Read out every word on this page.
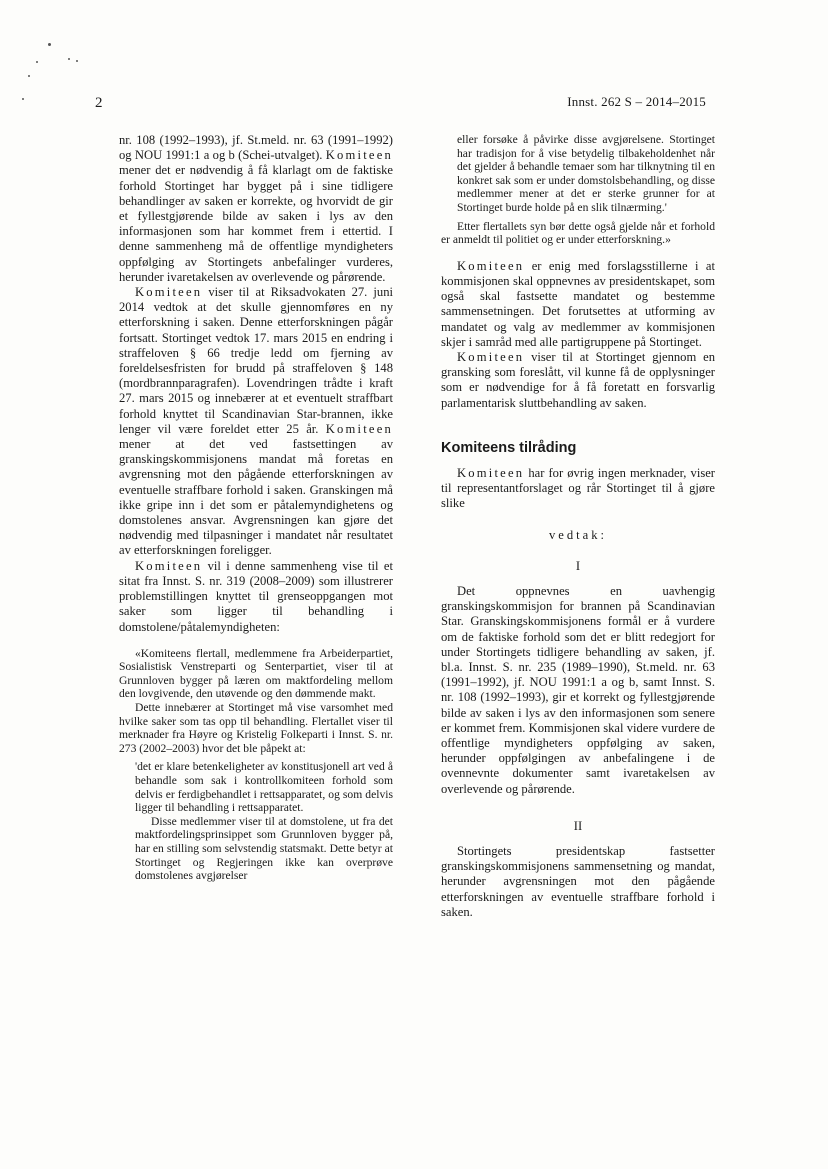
2	Innst. 262 S – 2014–2015

nr. 108 (1992–1993), jf. St.meld. nr. 63 (1991–1992) og NOU 1991:1 a og b (Schei-utvalget). Komiteen mener det er nødvendig å få klarlagt om de faktiske forhold Stortinget har bygget på i sine tidligere behandlinger av saken er korrekte, og hvorvidt de gir et fyllestgjørende bilde av saken i lys av den informasjonen som har kommet frem i ettertid. I denne sammenheng må de offentlige myndigheters oppfølging av Stortingets anbefalinger vurderes, herunder ivaretakelsen av overlevende og pårørende.

Komiteen viser til at Riksadvokaten 27. juni 2014 vedtok at det skulle gjennomføres en ny etterforskning i saken. Denne etterforskningen pågår fortsatt. Stortinget vedtok 17. mars 2015 en endring i straffeloven § 66 tredje ledd om fjerning av foreldelsesfristen for brudd på straffeloven § 148 (mordbrannparagrafen). Lovendringen trådte i kraft 27. mars 2015 og innebærer at et eventuelt straffbart forhold knyttet til Scandinavian Star-brannen, ikke lenger vil være foreldet etter 25 år. Komiteen mener at det ved fastsettingen av granskingskommisjonens mandat må foretas en avgrensning mot den pågående etterforskningen av eventuelle straffbare forhold i saken. Granskingen må ikke gripe inn i det som er påtalemyndighetens og domstolenes ansvar. Avgrensningen kan gjøre det nødvendig med tilpasninger i mandatet når resultatet av etterforskningen foreligger.

Komiteen vil i denne sammenheng vise til et sitat fra Innst. S. nr. 319 (2008–2009) som illustrerer problemstillingen knyttet til grenseoppgangen mot saker som ligger til behandling i domstolene/påtalemyndigheten:

«Komiteens flertall, medlemmene fra Arbeiderpartiet, Sosialistisk Venstreparti og Senterpartiet, viser til at Grunnloven bygger på læren om maktfordeling mellom den lovgivende, den utøvende og den dømmende makt.

Dette innebærer at Stortinget må vise varsomhet med hvilke saker som tas opp til behandling. Flertallet viser til merknader fra Høyre og Kristelig Folkeparti i Innst. S. nr. 273 (2002–2003) hvor det ble påpekt at:

'det er klare betenkeligheter av konstitusjonell art ved å behandle som sak i kontrollkomiteen forhold som delvis er ferdigbehandlet i rettsapparatet, og som delvis ligger til behandling i rettsapparatet.

Disse medlemmer viser til at domstolene, ut fra det maktfordelingsprinsippet som Grunnloven bygger på, har en stilling som selvstendig statsmakt. Dette betyr at Stortinget og Regjeringen ikke kan overprøve domstolenes avgjørelser

eller forsøke å påvirke disse avgjørelsene. Stortinget har tradisjon for å vise betydelig tilbakeholdenhet når det gjelder å behandle temaer som har tilknytning til en konkret sak som er under domstolsbehandling, og disse medlemmer mener at det er sterke grunner for at Stortinget burde holde på en slik tilnærming.'

Etter flertallets syn bør dette også gjelde når et forhold er anmeldt til politiet og er under etterforskning.»

Komiteen er enig med forslagsstillerne i at kommisjonen skal oppnevnes av presidentskapet, som også skal fastsette mandatet og bestemme sammensetningen. Det forutsettes at utforming av mandatet og valg av medlemmer av kommisjonen skjer i samråd med alle partigruppene på Stortinget.

Komiteen viser til at Stortinget gjennom en gransking som foreslått, vil kunne få de opplysninger som er nødvendige for å få foretatt en forsvarlig parlamentarisk sluttbehandling av saken.

Komiteens tilråding

Komiteen har for øvrig ingen merknader, viser til representantforslaget og rår Stortinget til å gjøre slike

vedtak:
I

Det oppnevnes en uavhengig granskingskommisjon for brannen på Scandinavian Star. Granskingskommisjonens formål er å vurdere om de faktiske forhold som det er blitt redegjort for under Stortingets tidligere behandling av saken, jf. bl.a. Innst. S. nr. 235 (1989–1990), St.meld. nr. 63 (1991–1992), jf. NOU 1991:1 a og b, samt Innst. S. nr. 108 (1992–1993), gir et korrekt og fyllestgjørende bilde av saken i lys av den informasjonen som senere er kommet frem. Kommisjonen skal videre vurdere de offentlige myndigheters oppfølging av saken, herunder oppfølgingen av anbefalingene i de ovennevnte dokumenter samt ivaretakelsen av overlevende og pårørende.

II

Stortingets presidentskap fastsetter granskingskommisjonens sammensetning og mandat, herunder avgrensningen mot den pågående etterforskningen av eventuelle straffbare forhold i saken.
